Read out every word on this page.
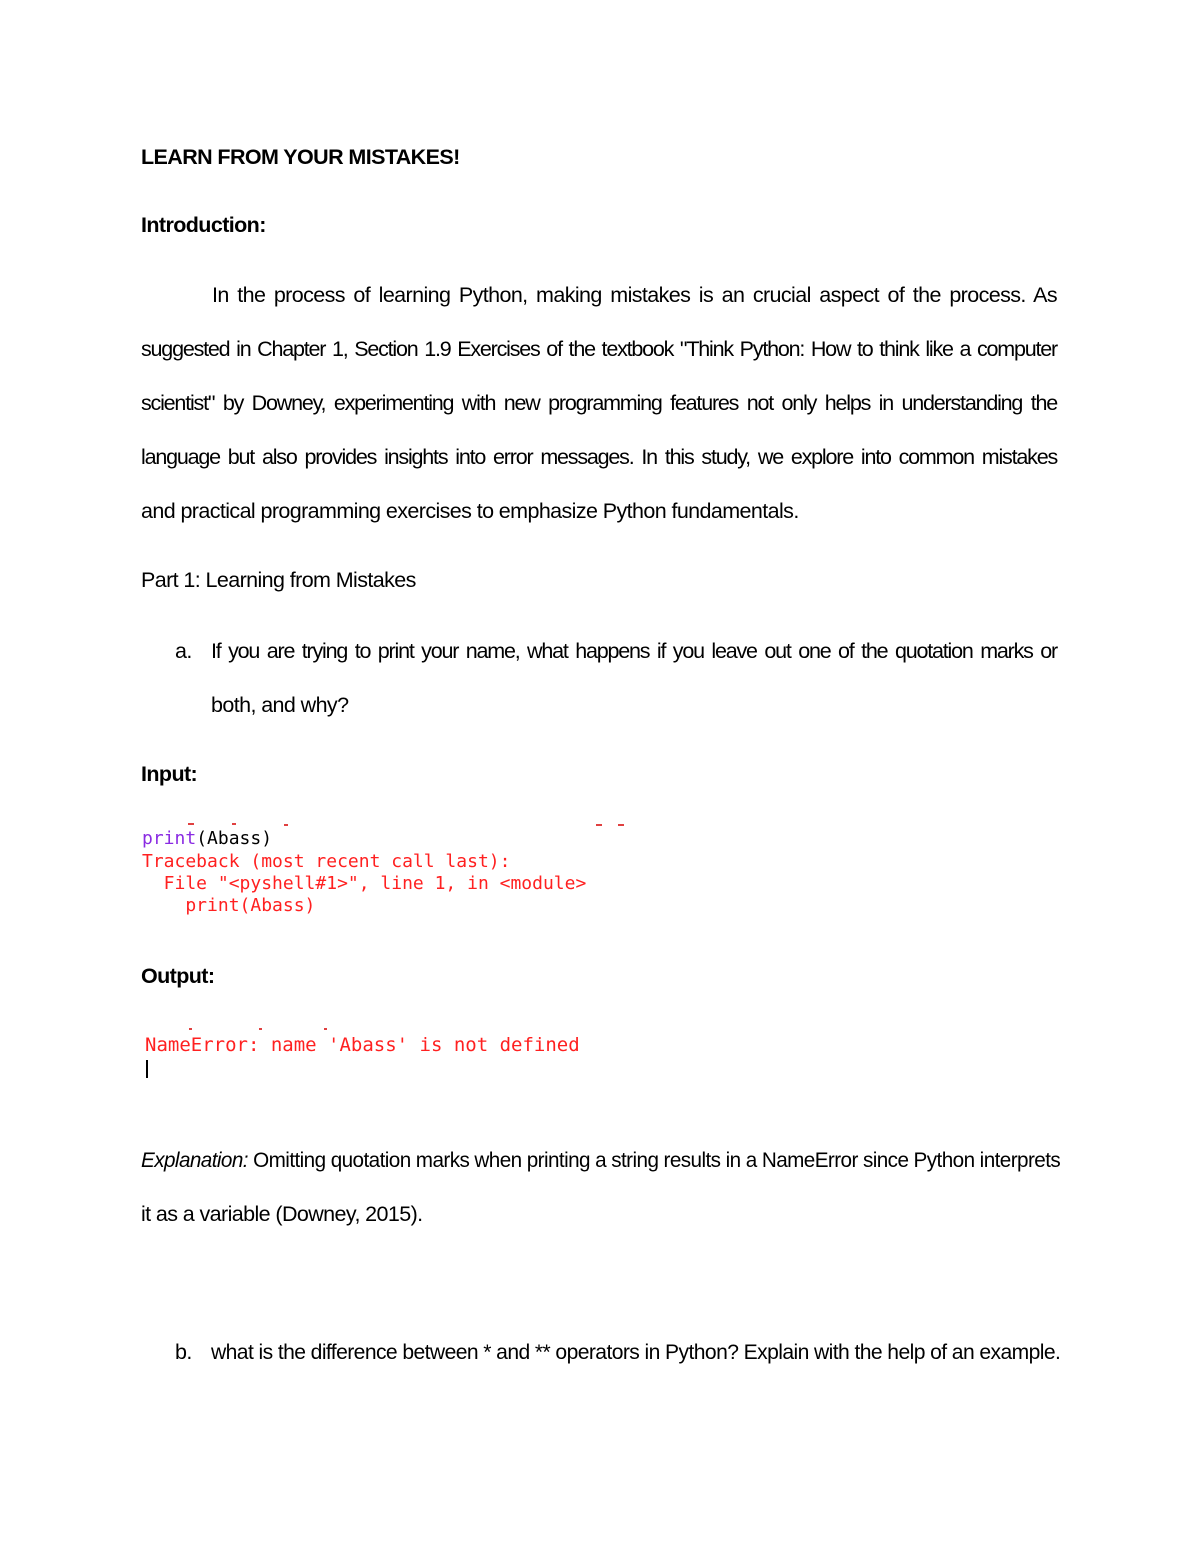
LEARN FROM YOUR MISTAKES!
Introduction:
In the process of learning Python, making mistakes is an crucial aspect of the process. As
suggested in Chapter 1, Section 1.9 Exercises of the textbook "Think Python: How to think like a computer
scientist" by Downey, experimenting with new programming features not only helps in understanding the
language but also provides insights into error messages. In this study, we explore into common mistakes
and practical programming exercises to emphasize Python fundamentals.
Part 1: Learning from Mistakes
a. If you are trying to print your name, what happens if you leave out one of the quotation marks or
both, and why?
Input:
print(Abass)
Traceback (most recent call last):
File "<pyshell#1>", line 1, in <module>
print(Abass)
Output:
NameError: name 'Abass' is not defined
Explanation: Omitting quotation marks when printing a string results in a NameError since Python interprets
it as a variable (Downey, 2015).
b. what is the difference between * and ** operators in Python? Explain with the help of an example.
